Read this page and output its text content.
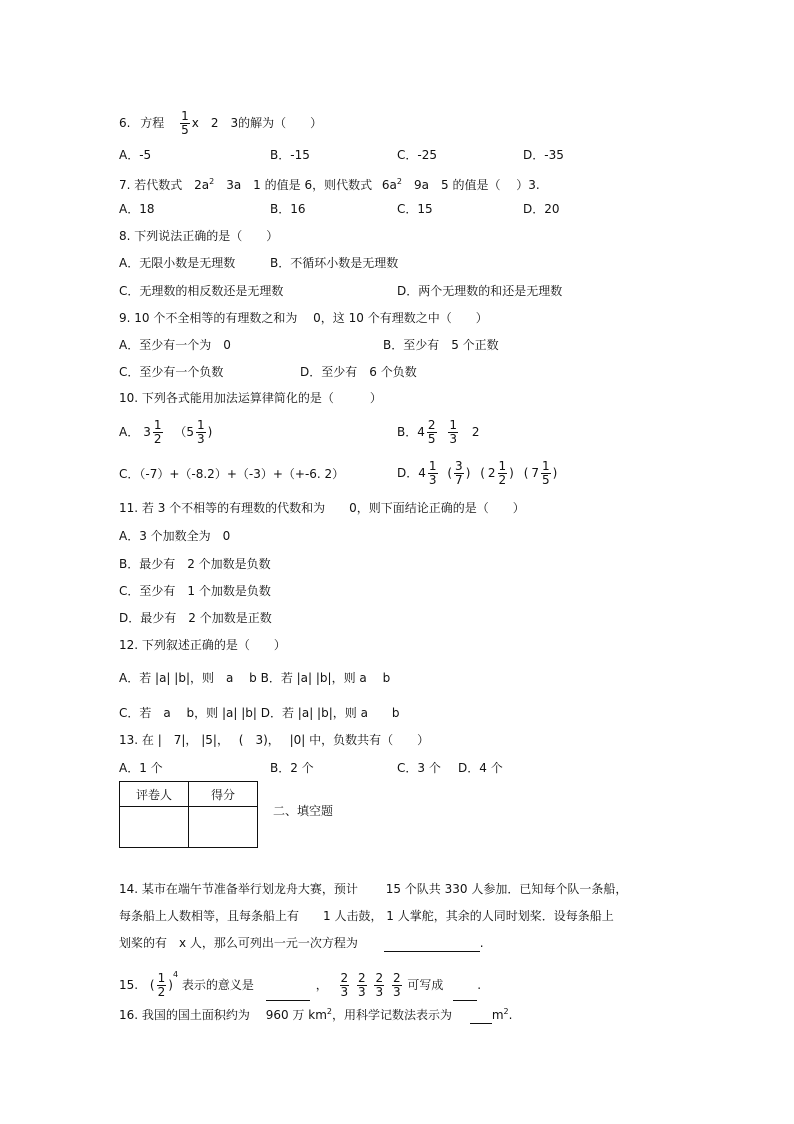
6. 方程 $\frac{1}{5}$ x　2　3的解为（　　）
A．-5	B．-15	C．-25	D．-35
7. 若代数式 $2a^2$　3a　1 的值是 6，则代数式 $6a^2$　9a　5 的值是（　 ）3.
A．18	B．16	C．15	D．20
8. 下列说法正确的是（　　）
A．无限小数是无理数	B．不循环小数是无理数
C．无理数的相反数还是无理数	D．两个无理数的和还是无理数
9. 10 个不全相等的有理数之和为　 0，这 10 个有理数之中（　　）
A．至少有一个为　0	B．至少有　5 个正数
C．至少有一个负数	D．至少有　6 个负数
10. 下列各式能用加法运算律简化的是（　　　）
A． $3 \frac{1}{2} (5 \frac{1}{3}$ )	B．$4 \frac{2}{5}$
$\frac{1}{3} 2$
C．（-7）+（-8.2）+（-3）+（+-6. 2）	D．$4 \frac{1}{3}$ ( $\frac{3}{7}$ ) ( $2 \frac{1}{2}$ ) ( $7 \frac{1}{5}$ )
11. 若 3 个不相等的有理数的代数和为　　0，则下面结论正确的是（　　）
A．3 个加数全为　0
B．最少有　2 个加数是负数
C．至少有　1 个加数是负数
D．最少有　2 个加数是正数
12. 下列叙述正确的是（　　）
A．若 |a| |b|，则　a　 b B．若 |a| |b|，则 a　 b
C．若　a　 b，则 |a| |b| D．若 |a| |b|，则 a　　b
13. 在 |　7|， |5|，　 (　3)，　 |0| 中，负数共有（　　）
A．1 个	B．2 个	C．3 个 D．4 个
评卷人	得分

二、填空题
14. 某市在端午节准备举行划龙舟大赛，预计　　 15 个队共 330 人参加．已知每个队一条船，
每条船上人数相等，且每条船上有　　1 人击鼓， 1 人掌舵，其余的人同时划桨．设每条船上
划桨的有　x 人，那么可列出一元一次方程为	.
15. ( $\frac{1}{2} )^4$ 表示的意义是	， $\frac{2}{3}$
$\frac{2}{3}$
$\frac{2}{3}$
$\frac{2}{3}$ 可写成	.
16. 我国的国土面积约为　 960 万 $km^2$，用科学记数法表示为	$m^2$.
